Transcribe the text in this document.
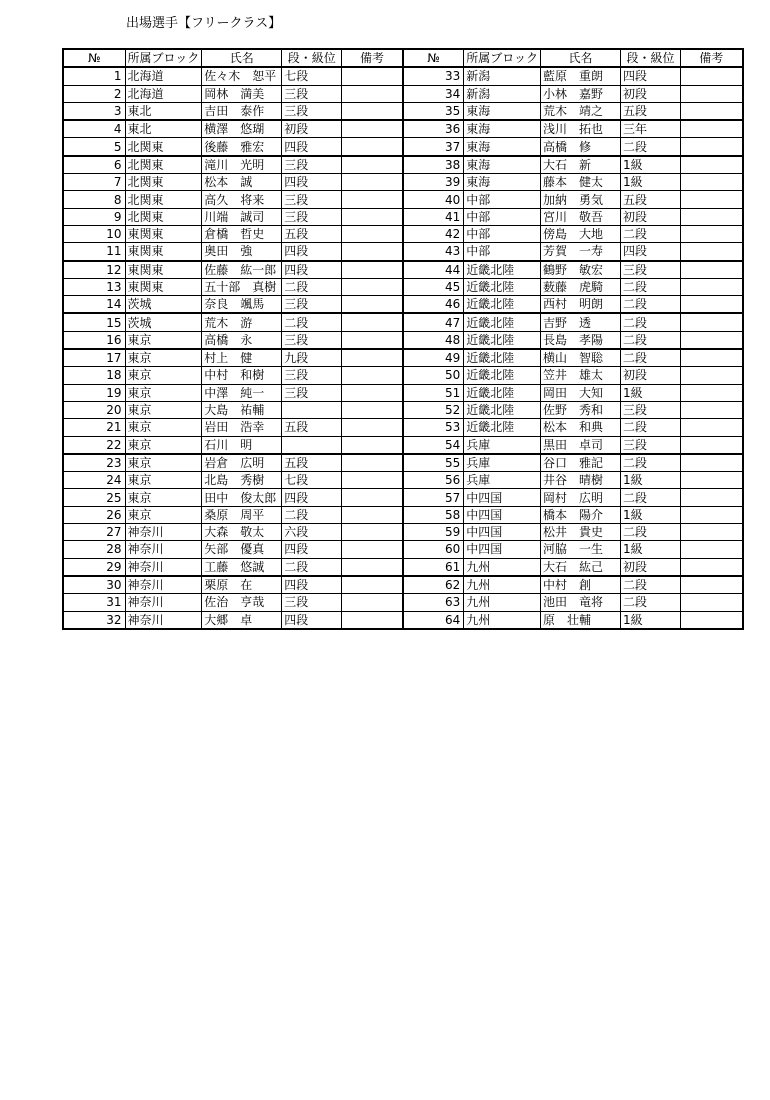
出場選手【フリークラス】
№	所属ブロック	氏名	段・級位	備考	№	所属ブロック	氏名	段・級位	備考
1	北海道	佐々木　恕平	七段		33	新潟	藍原　重朗	四段	
2	北海道	岡林　満美	三段		34	新潟	小林　嘉野	初段	
3	東北	吉田　泰作	三段		35	東海	荒木　靖之	五段	
4	東北	横澤　悠瑚	初段		36	東海	浅川　拓也	三年	
5	北関東	後藤　雅宏	四段		37	東海	高橋　修	二段	
6	北関東	滝川　光明	三段		38	東海	大石　新	1級	
7	北関東	松本　誠	四段		39	東海	藤本　健太	1級	
8	北関東	高久　将来	三段		40	中部	加納　勇気	五段	
9	北関東	川端　誠司	三段		41	中部	宮川　敬吾	初段	
10	東関東	倉橋　哲史	五段		42	中部	傍島　大地	二段	
11	東関東	奥田　強	四段		43	中部	芳賀　一寿	四段	
12	東関東	佐藤　紘一郎	四段		44	近畿北陸	鶴野　敏宏	三段	
13	東関東	五十部　真樹	二段		45	近畿北陸	薮藤　虎騎	二段	
14	茨城	奈良　颯馬	三段		46	近畿北陸	西村　明朗	二段	
15	茨城	荒木　游	二段		47	近畿北陸	吉野　透	二段	
16	東京	高橋　永	三段		48	近畿北陸	長島　孝陽	二段	
17	東京	村上　健	九段		49	近畿北陸	横山　智聡	二段	
18	東京	中村　和樹	三段		50	近畿北陸	笠井　雄太	初段	
19	東京	中澤　純一	三段		51	近畿北陸	岡田　大知	1級	
20	東京	大島　祐輔			52	近畿北陸	佐野　秀和	三段	
21	東京	岩田　浩幸	五段		53	近畿北陸	松本　和典	二段	
22	東京	石川　明			54	兵庫	黒田　卓司	三段	
23	東京	岩倉　広明	五段		55	兵庫	谷口　雅記	二段	
24	東京	北島　秀樹	七段		56	兵庫	井谷　晴樹	1級	
25	東京	田中　俊太郎	四段		57	中四国	岡村　広明	二段	
26	東京	桑原　周平	二段		58	中四国	橋本　陽介	1級	
27	神奈川	大森　敬太	六段		59	中四国	松井　貴史	二段	
28	神奈川	矢部　優真	四段		60	中四国	河脇　一生	1級	
29	神奈川	工藤　悠誠	二段		61	九州	大石　紘己	初段	
30	神奈川	栗原　在	四段		62	九州	中村　創	二段	
31	神奈川	佐治　亨哉	三段		63	九州	池田　竜将	二段	
32	神奈川	大郷　卓	四段		64	九州	原　壮輔	1級	
